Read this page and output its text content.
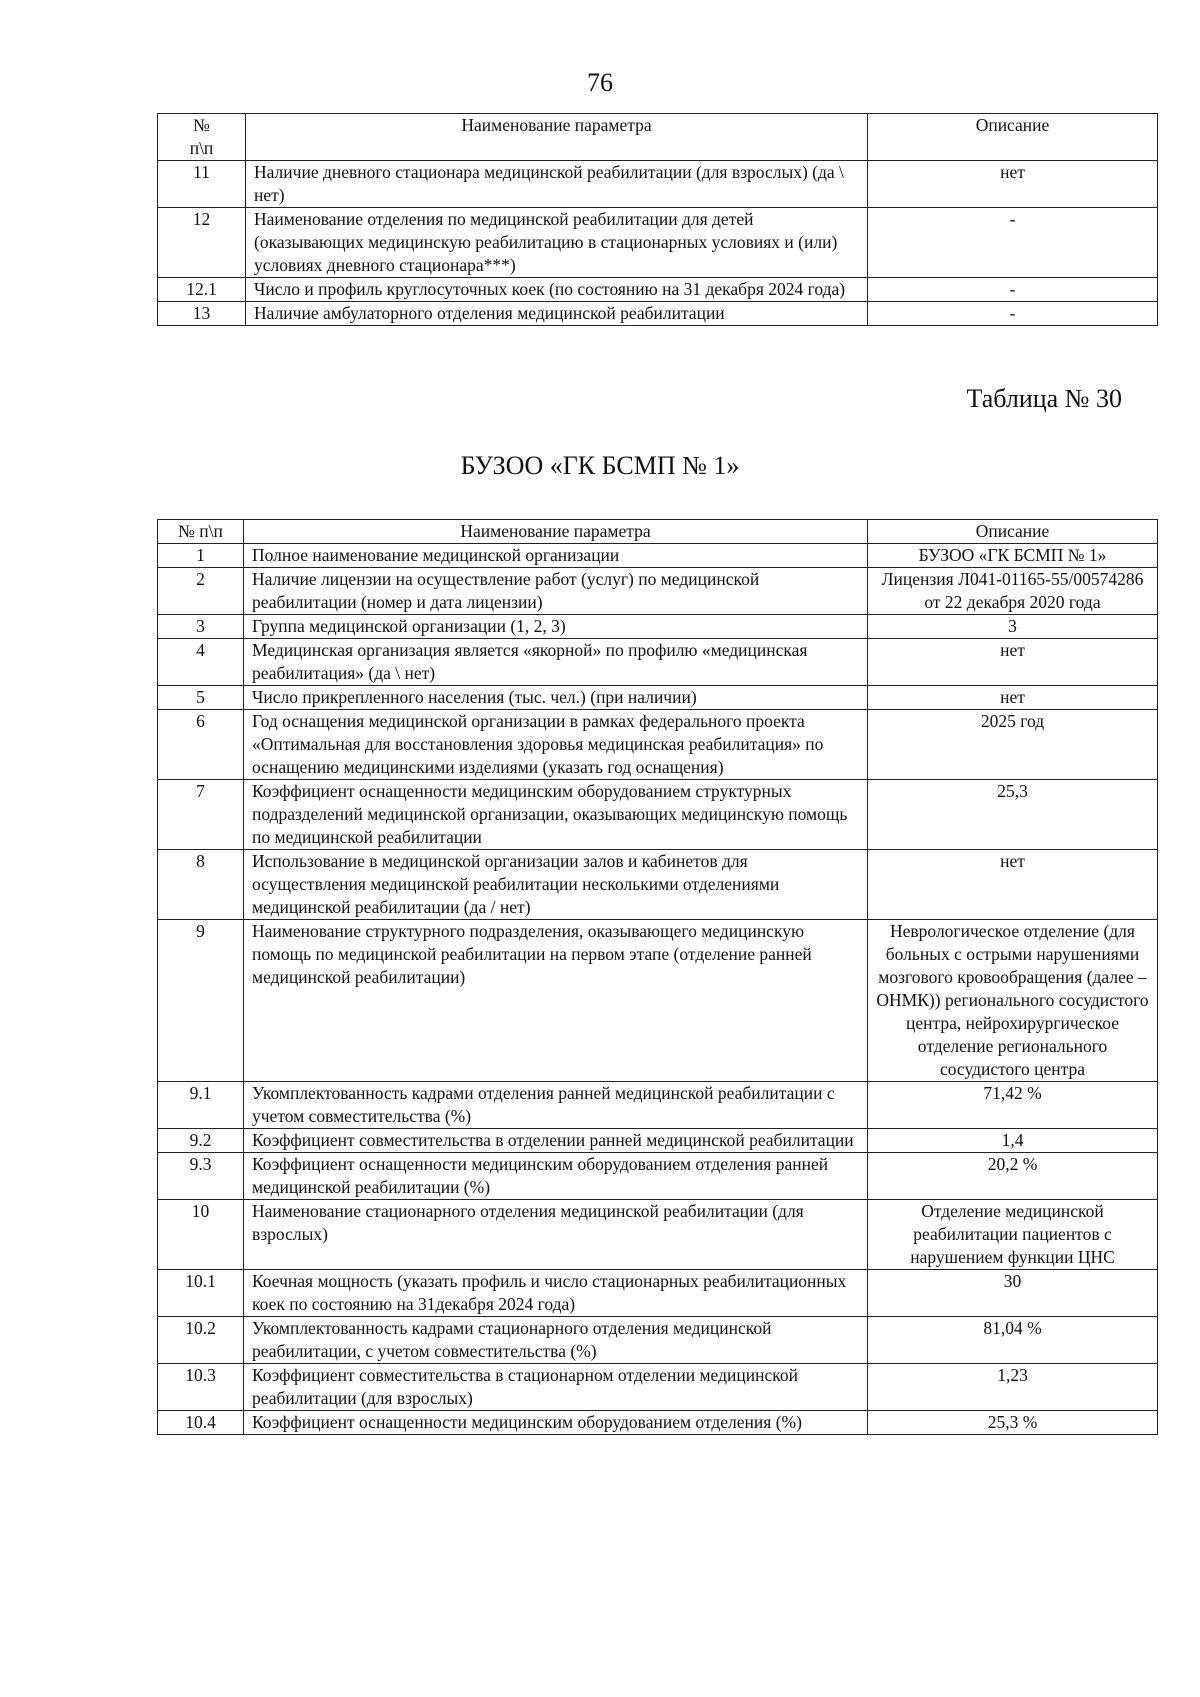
76
№ п\п	Наименование параметра	Описание
11	Наличие дневного стационара медицинской реабилитации (для взрослых) (да \ нет)	нет
12	Наименование отделения по медицинской реабилитации для детей (оказывающих медицинскую реабилитацию в стационарных условиях и (или) условиях дневного стационара***)	-
12.1	Число и профиль круглосуточных коек (по состоянию на 31 декабря 2024 года)	-
13	Наличие амбулаторного отделения медицинской реабилитации	-
Таблица № 30
БУЗОО «ГК БСМП № 1»
№ п\п	Наименование параметра	Описание
1	Полное наименование медицинской организации	БУЗОО «ГК БСМП № 1»
2	Наличие лицензии на осуществление работ (услуг) по медицинской реабилитации (номер и дата лицензии)	Лицензия Л041-01165-55/00574286 от 22 декабря 2020 года
3	Группа медицинской организации (1, 2, 3)	3
4	Медицинская организация является «якорной» по профилю «медицинская реабилитация» (да \ нет)	нет
5	Число прикрепленного населения (тыс. чел.) (при наличии)	нет
6	Год оснащения медицинской организации в рамках федерального проекта «Оптимальная для восстановления здоровья медицинская реабилитация» по оснащению медицинскими изделиями (указать год оснащения)	2025 год
7	Коэффициент оснащенности медицинским оборудованием структурных подразделений медицинской организации, оказывающих медицинскую помощь по медицинской реабилитации	25,3
8	Использование в медицинской организации залов и кабинетов для осуществления медицинской реабилитации несколькими отделениями медицинской реабилитации (да / нет)	нет
9	Наименование структурного подразделения, оказывающего медицинскую помощь по медицинской реабилитации на первом этапе (отделение ранней медицинской реабилитации)	Неврологическое отделение (для больных с острыми нарушениями мозгового кровообращения (далее – ОНМК)) регионального сосудистого центра, нейрохирургическое отделение регионального сосудистого центра
9.1	Укомплектованность кадрами отделения ранней медицинской реабилитации с учетом совместительства (%)	71,42 %
9.2	Коэффициент совместительства в отделении ранней медицинской реабилитации	1,4
9.3	Коэффициент оснащенности медицинским оборудованием отделения ранней медицинской реабилитации (%)	20,2 %
10	Наименование стационарного отделения медицинской реабилитации (для взрослых)	Отделение медицинской реабилитации пациентов с нарушением функции ЦНС
10.1	Коечная мощность (указать профиль и число стационарных реабилитационных коек по состоянию на 31декабря 2024 года)	30
10.2	Укомплектованность кадрами стационарного отделения медицинской реабилитации, с учетом совместительства (%)	81,04 %
10.3	Коэффициент совместительства в стационарном отделении медицинской реабилитации (для взрослых)	1,23
10.4	Коэффициент оснащенности медицинским оборудованием отделения (%)	25,3 %
